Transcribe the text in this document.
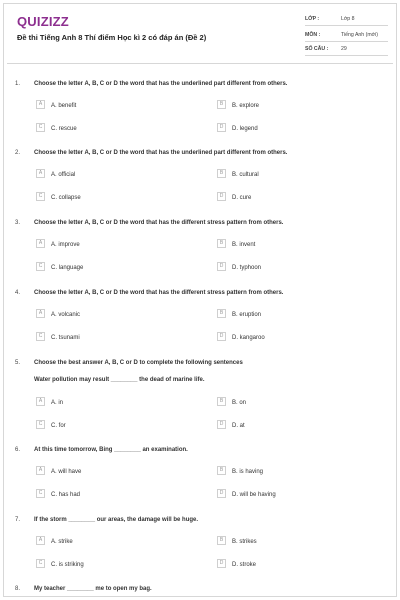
QUIZIZZ
Đề thi Tiếng Anh 8 Thí điểm Học kì 2 có đáp án (Đề 2)
LỚP :	Lớp 8
MÔN :	Tiếng Anh (mới)
SỐ CÂU : 29
1. Choose the letter A, B, C or D the word that has the underlined part different from others.
A	A. benefit	B	B. explore
C	C. rescue	D	D. legend
2. Choose the letter A, B, C or D the word that has the underlined part different from others.
A	A. official	B	B. cultural
C	C. collapse	D	D. cure
3. Choose the letter A, B, C or D the word that has the different stress pattern from others.
A	A. improve	B	B. invent
C	C. language	D	D. typhoon
4. Choose the letter A, B, C or D the word that has the different stress pattern from others.
A	A. volcanic	B	B. eruption
C	C. tsunami	D	D. kangaroo
5. Choose the best answer A, B, C or D to complete the following sentences
Water pollution may result ________ the dead of marine life.
A	A. in	B	B. on
C	C. for	D	D. at
6. At this time tomorrow, Bing ________ an examination.
A	A. will have	B	B. is having
C	C. has had	D	D. will be having
7. If the storm ________ our areas, the damage will be huge.
A	A. strike	B	B. strikes
C	C. is striking	D	D. stroke
8. My teacher ________ me to open my bag.
